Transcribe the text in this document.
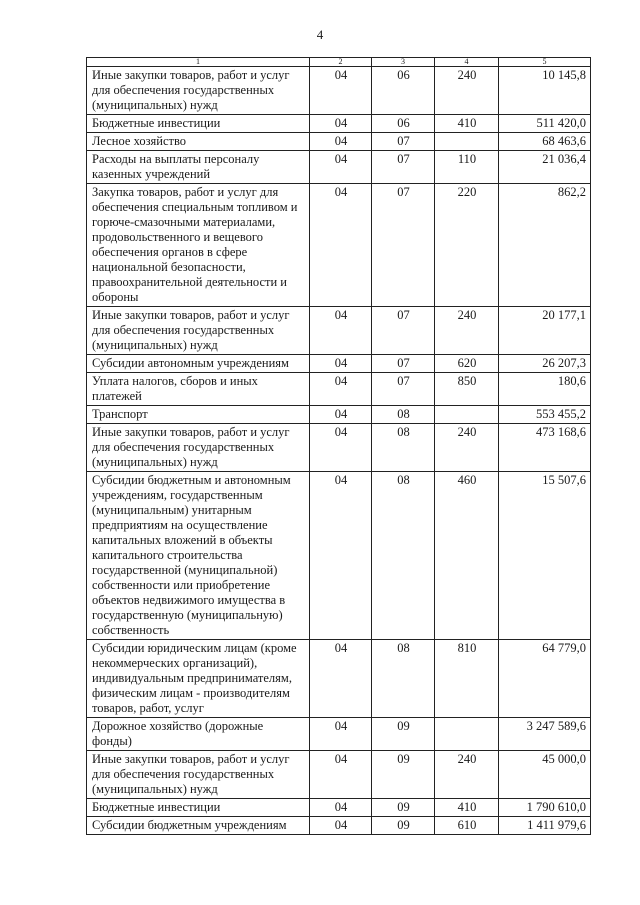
4
1	2	3	4	5
Иные закупки товаров, работ и услуг для обеспечения государственных (муниципальных) нужд	04	06	240	10 145,8
Бюджетные инвестиции	04	06	410	511 420,0
Лесное хозяйство	04	07		68 463,6
Расходы на выплаты персоналу казенных учреждений	04	07	110	21 036,4
Закупка товаров, работ и услуг для обеспечения специальным топливом и горюче-смазочными материалами, продовольственного и вещевого обеспечения органов в сфере национальной безопасности, правоохранительной деятельности и обороны	04	07	220	862,2
Иные закупки товаров, работ и услуг для обеспечения государственных (муниципальных) нужд	04	07	240	20 177,1
Субсидии автономным учреждениям	04	07	620	26 207,3
Уплата налогов, сборов и иных платежей	04	07	850	180,6
Транспорт	04	08		553 455,2
Иные закупки товаров, работ и услуг для обеспечения государственных (муниципальных) нужд	04	08	240	473 168,6
Субсидии бюджетным и автономным учреждениям, государственным (муниципальным) унитарным предприятиям на осуществление капитальных вложений в объекты капитального строительства государственной (муниципальной) собственности или приобретение объектов недвижимого имущества в государственную (муниципальную) собственность	04	08	460	15 507,6
Субсидии юридическим лицам (кроме некоммерческих организаций), индивидуальным предпринимателям, физическим лицам - производителям товаров, работ, услуг	04	08	810	64 779,0
Дорожное хозяйство (дорожные фонды)	04	09		3 247 589,6
Иные закупки товаров, работ и услуг для обеспечения государственных (муниципальных) нужд	04	09	240	45 000,0
Бюджетные инвестиции	04	09	410	1 790 610,0
Субсидии бюджетным учреждениям	04	09	610	1 411 979,6
